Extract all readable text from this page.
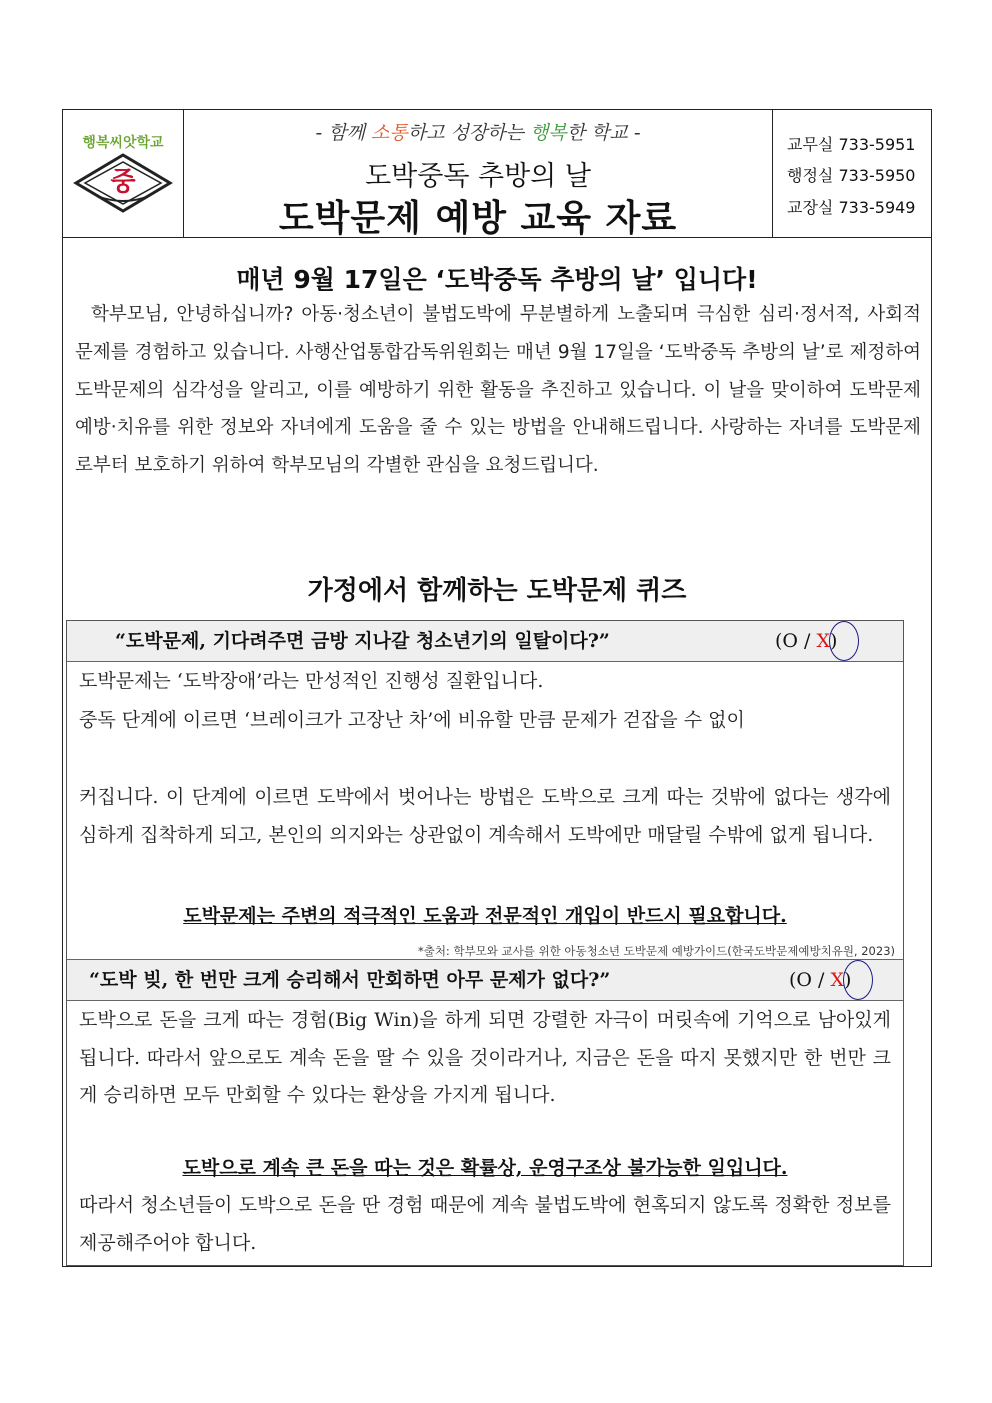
행복씨앗학교
중
- 함께 소통하고 성장하는 행복한 학교 -
도박중독 추방의 날
도박문제 예방 교육 자료
교무실 733-5951
행정실 733-5950
교장실 733-5949
매년 9월 17일은 ‘도박중독 추방의 날’ 입니다!
학부모님, 안녕하십니까? 아동·청소년이 불법도박에 무분별하게 노출되며 극심한 심리·정서적, 사회적 문제를 경험하고 있습니다. 사행산업통합감독위원회는 매년 9월 17일을 ‘도박중독 추방의 날’로 제정하여 도박문제의 심각성을 알리고, 이를 예방하기 위한 활동을 추진하고 있습니다. 이 날을 맞이하여 도박문제 예방·치유를 위한 정보와 자녀에게 도움을 줄 수 있는 방법을 안내해드립니다. 사랑하는 자녀를 도박문제로부터 보호하기 위하여 학부모님의 각별한 관심을 요청드립니다.
가정에서 함께하는 도박문제 퀴즈
“도박문제, 기다려주면 금방 지나갈 청소년기의 일탈이다?”	(O / X)
도박문제는 ‘도박장애’라는 만성적인 진행성 질환입니다.
중독 단계에 이르면 ‘브레이크가 고장난 차’에 비유할 만큼 문제가 걷잡을 수 없이
커집니다. 이 단계에 이르면 도박에서 벗어나는 방법은 도박으로 크게 따는 것밖에 없다는 생각에 심하게 집착하게 되고, 본인의 의지와는 상관없이 계속해서 도박에만 매달릴 수밖에 없게 됩니다.
도박문제는 주변의 적극적인 도움과 전문적인 개입이 반드시 필요합니다.
*출처: 학부모와 교사를 위한 아동청소년 도박문제 예방가이드(한국도박문제예방치유원, 2023)
“도박 빚, 한 번만 크게 승리해서 만회하면 아무 문제가 없다?”	(O / X)
도박으로 돈을 크게 따는 경험(Big Win)을 하게 되면 강렬한 자극이 머릿속에 기억으로 남아있게 됩니다. 따라서 앞으로도 계속 돈을 딸 수 있을 것이라거나, 지금은 돈을 따지 못했지만 한 번만 크게 승리하면 모두 만회할 수 있다는 환상을 가지게 됩니다.
도박으로 계속 큰 돈을 따는 것은 확률상, 운영구조상 불가능한 일입니다.
따라서 청소년들이 도박으로 돈을 딴 경험 때문에 계속 불법도박에 현혹되지 않도록 정확한 정보를 제공해주어야 합니다.
